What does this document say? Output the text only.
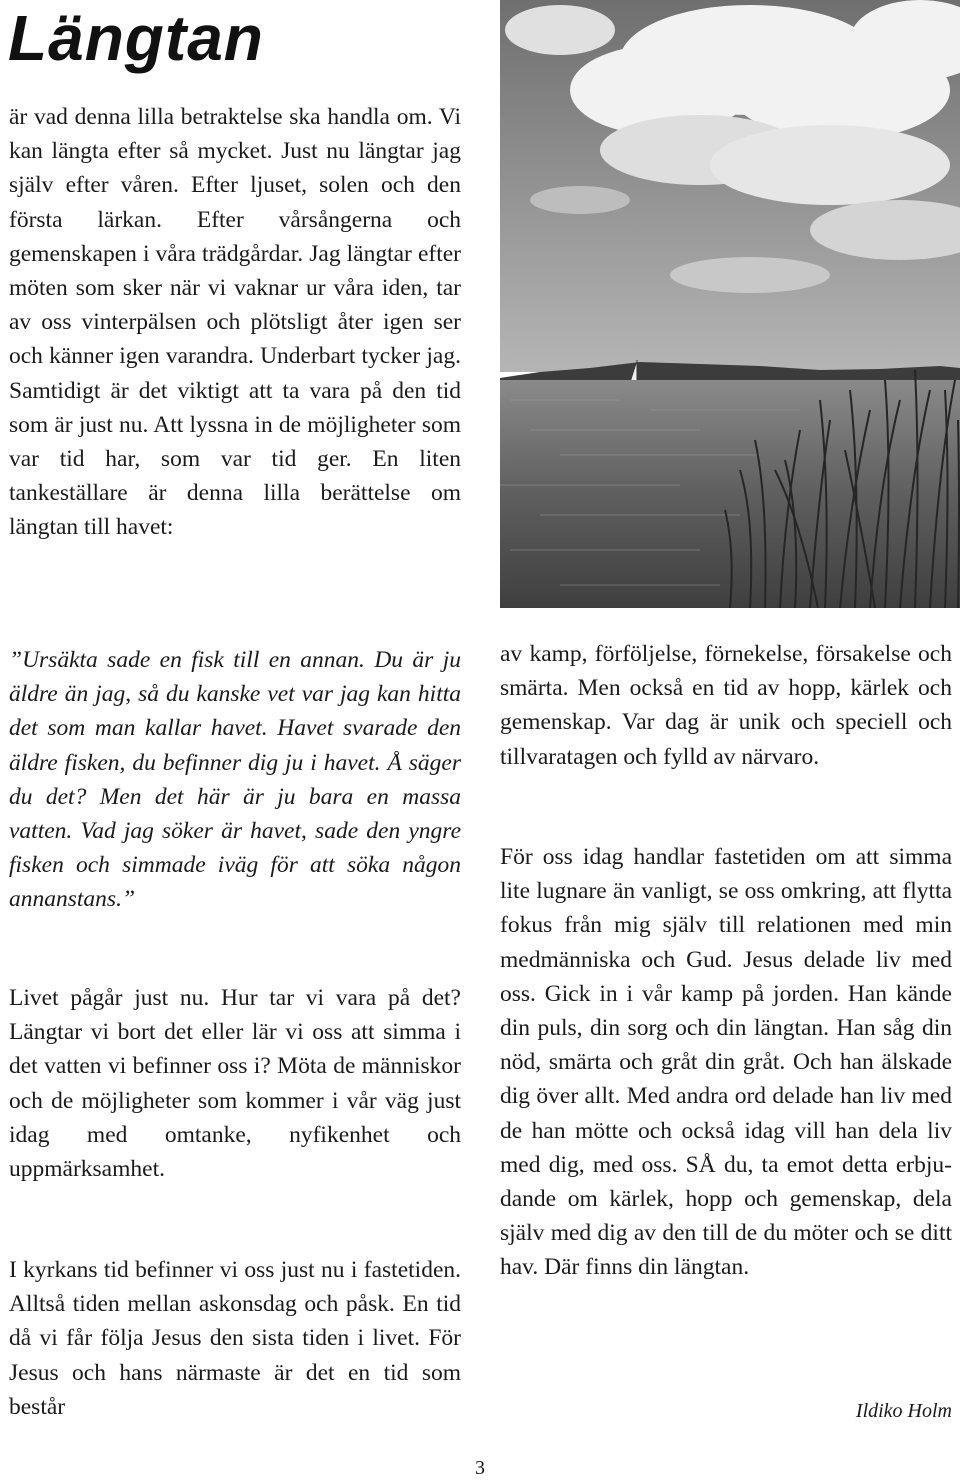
Längtan

är vad denna lilla betraktelse ska handla om. Vi kan längta efter så mycket. Just nu längtar jag själv efter våren. Efter ljuset, solen och den första lärkan. Efter vårsångerna och gemenskapen i våra trädgårdar. Jag längtar efter möten som sker när vi vaknar ur våra iden, tar av oss vinterpälsen och plötsligt åter igen ser och känner igen varandra. Underbart tycker jag. Samtidigt är det viktigt att ta vara på den tid som är just nu. Att lyssna in de möjligheter som var tid har, som var tid ger. En liten tankeställare är denna lilla berättelse om längtan till havet:

”Ursäkta sade en fisk till en annan. Du är ju äldre än jag, så du kanske vet var jag kan hitta det som man kallar havet. Havet svarade den äldre fisken, du befinner dig ju i havet. Å säger du det? Men det här är ju bara en massa vatten. Vad jag söker är havet, sade den yngre fisken och simmade iväg för att söka någon annanstans.”

Livet pågår just nu. Hur tar vi vara på det? Längtar vi bort det eller lär vi oss att simma i det vatten vi befinner oss i? Möta de människor och de möjligheter som kommer i vår väg just idag med omtanke, nyfikenhet och uppmärksamhet.

I kyrkans tid befinner vi oss just nu i fastetiden. Alltså tiden mellan askonsdag och påsk. En tid då vi får följa Jesus den sista tiden i livet. För Jesus och hans närmaste är det en tid som består

av kamp, förföljelse, förnekelse, försakelse och smärta. Men också en tid av hopp, kärlek och gemenskap. Var dag är unik och speciell och tillvaratagen och fylld av närvaro.

För oss idag handlar fastetiden om att simma lite lugnare än vanligt, se oss omkring, att flytta fokus från mig själv till relationen med min medmänniska och Gud. Jesus delade liv med oss. Gick in i vår kamp på jorden. Han kände din puls, din sorg och din längtan. Han såg din nöd, smärta och gråt din gråt. Och han älskade dig över allt. Med andra ord delade han liv med de han mötte och också idag vill han dela liv med dig, med oss. SÅ du, ta emot detta erbjudande om kärlek, hopp och gemenskap, dela själv med dig av den till de du möter och se ditt hav. Där finns din längtan.

Ildiko Holm
3
